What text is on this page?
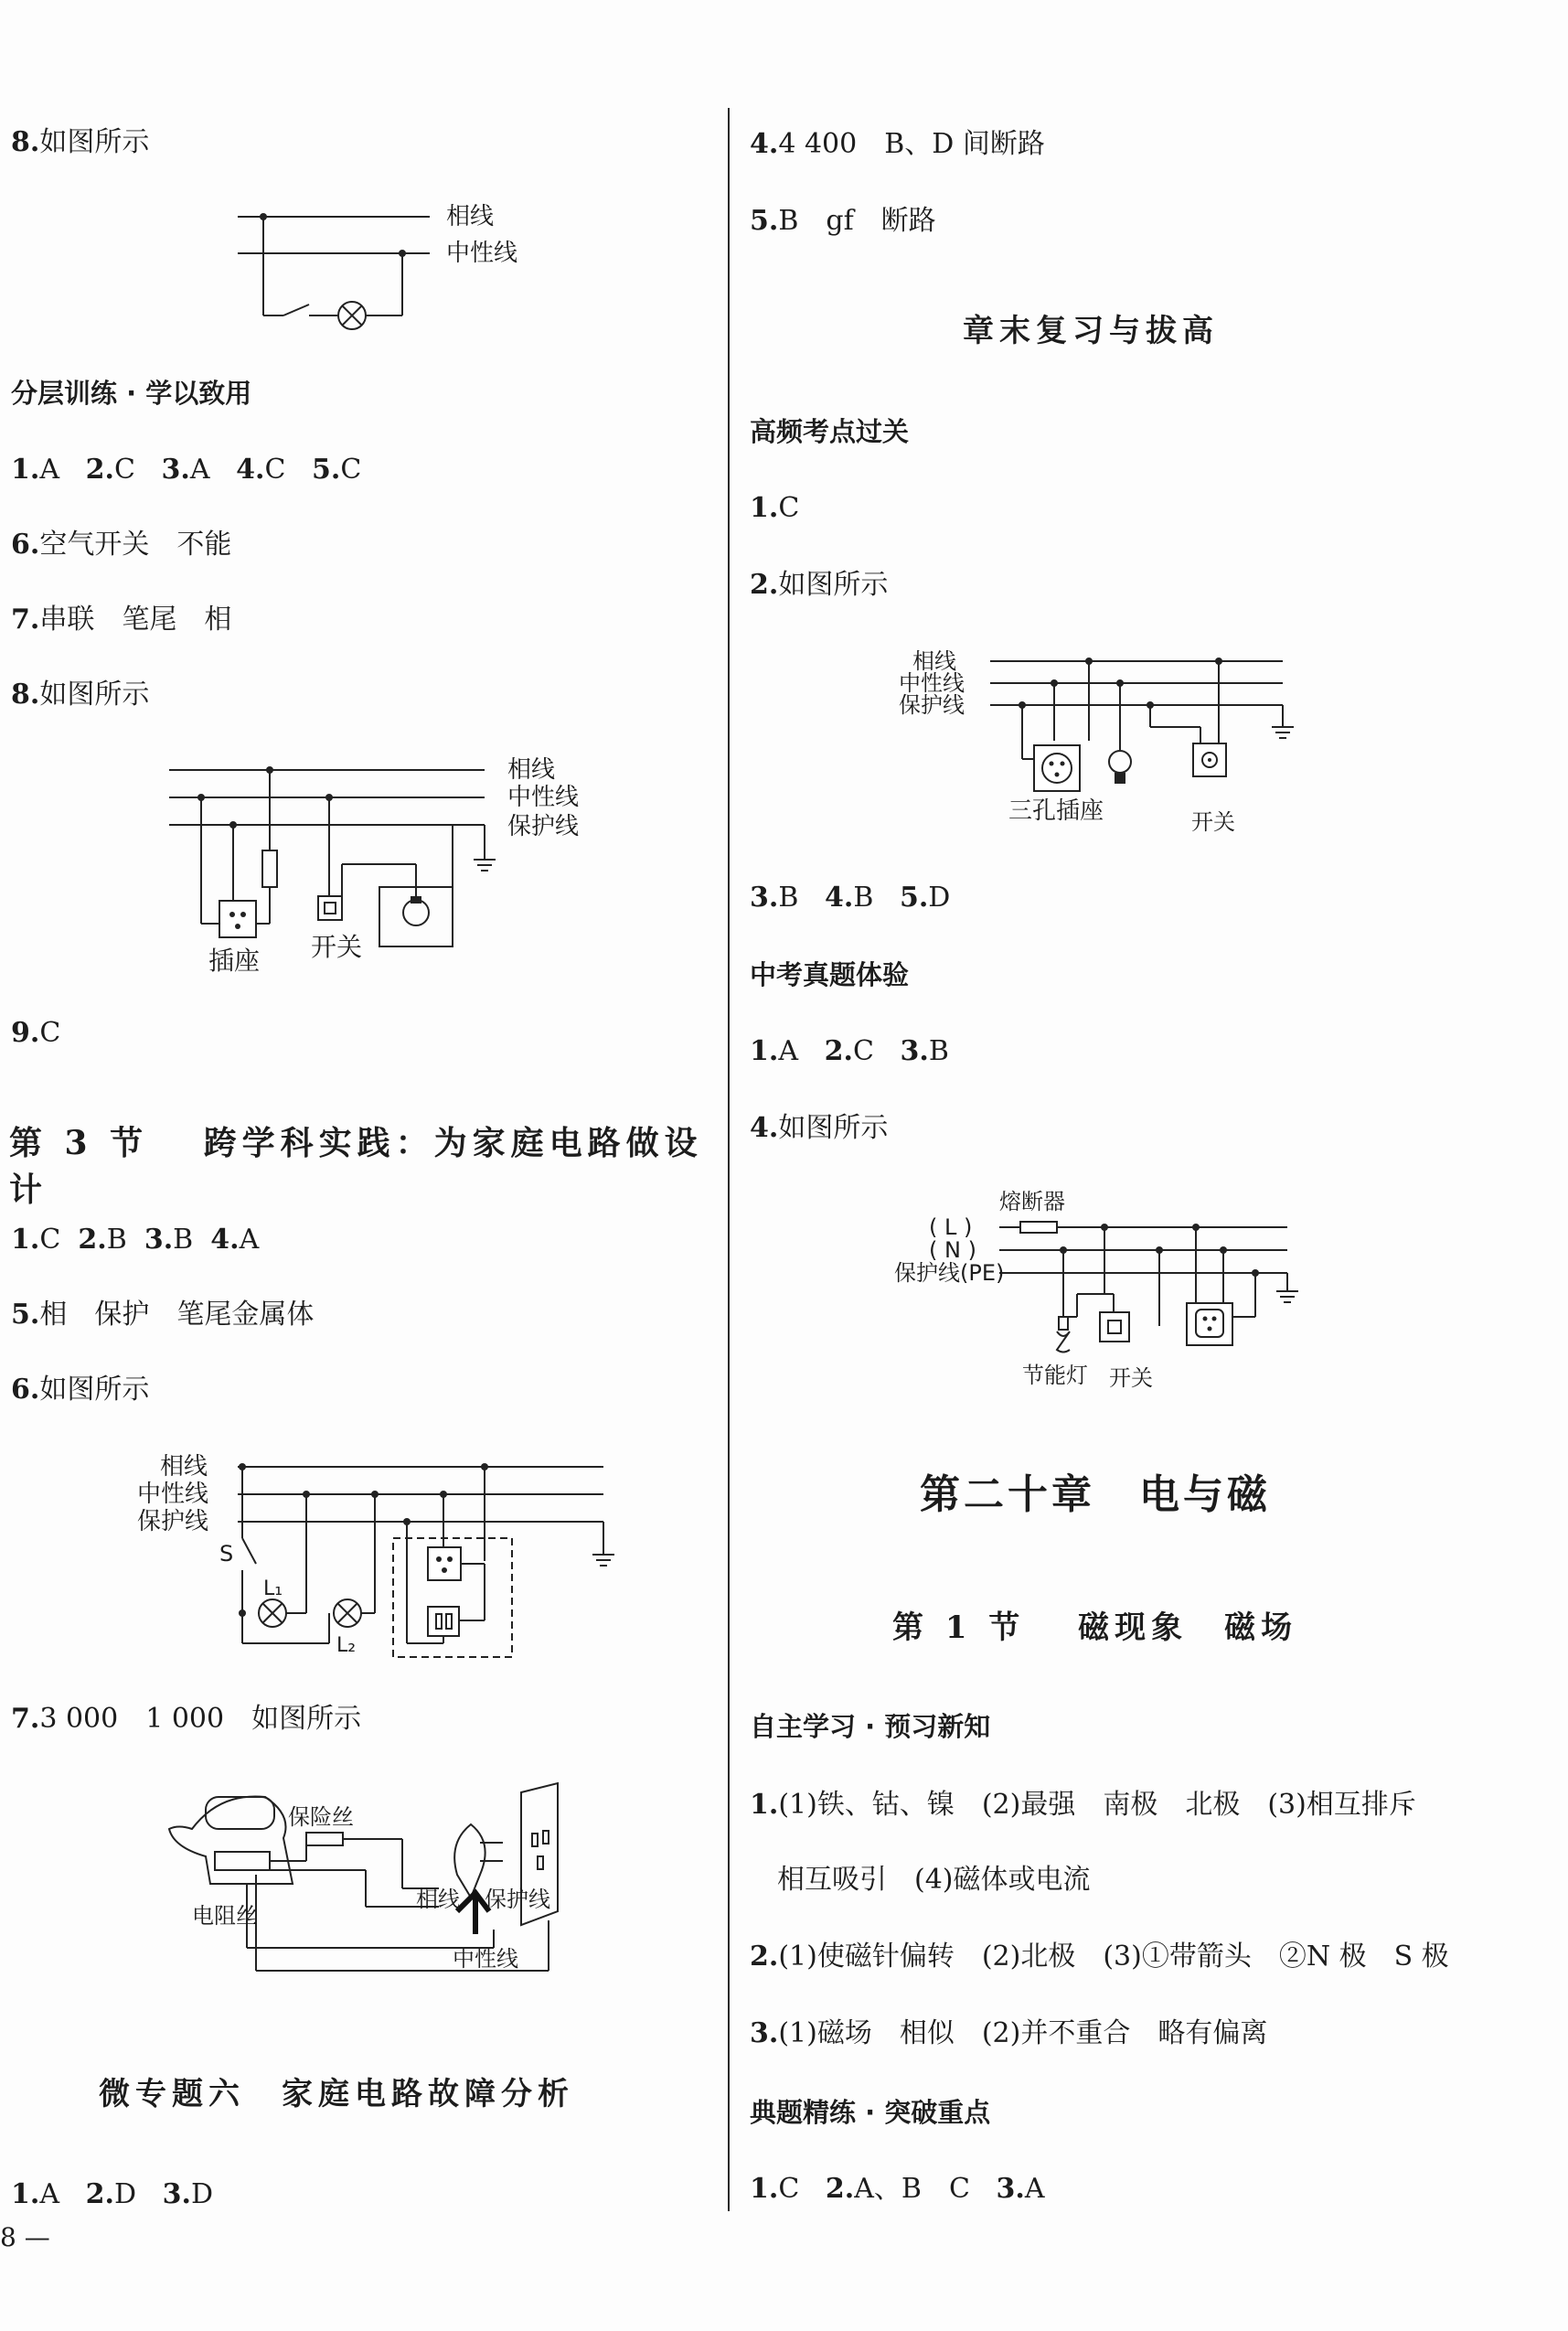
8.如图所示
相线
中性线
分层训练 · 学以致用
1.A 2.C 3.A 4.C 5.C
6.空气开关　不能
7.串联　笔尾　相
8.如图所示
相线
中性线
保护线
插座 开关
9.C
第 3 节　 跨学科实践：为家庭电路做设计
1.C 2.B 3.B 4.A
5.相　保护　笔尾金属体
6.如图所示
相线
中性线
保护线
S
L₁
L₂
7.3 000　1 000　如图所示
保险丝
电阻丝
相线 保护线
中性线
微专题六　家庭电路故障分析
1.A 2.D 3.D
8 —
4.4 400　B、D 间断路
5.B　gf　断路
章末复习与拔高
高频考点过关
1.C
2.如图所示
相线
中性线
保护线
三孔插座	开关
3.B 4.B 5.D
中考真题体验
1.A 2.C 3.B
4.如图所示
熔断器
( L )
( N )
保护线(PE)
节能灯 开关
第二十章　电与磁
第 1 节　 磁现象　磁场
自主学习 · 预习新知
1.(1)铁、钴、镍　(2)最强　南极　北极　(3)相互排斥
相互吸引　(4)磁体或电流
2.(1)使磁针偏转　(2)北极　(3)①带箭头　②N 极　S 极
3.(1)磁场　相似　(2)并不重合　略有偏离
典题精练 · 突破重点
1.C 2.A、B　C 3.A
